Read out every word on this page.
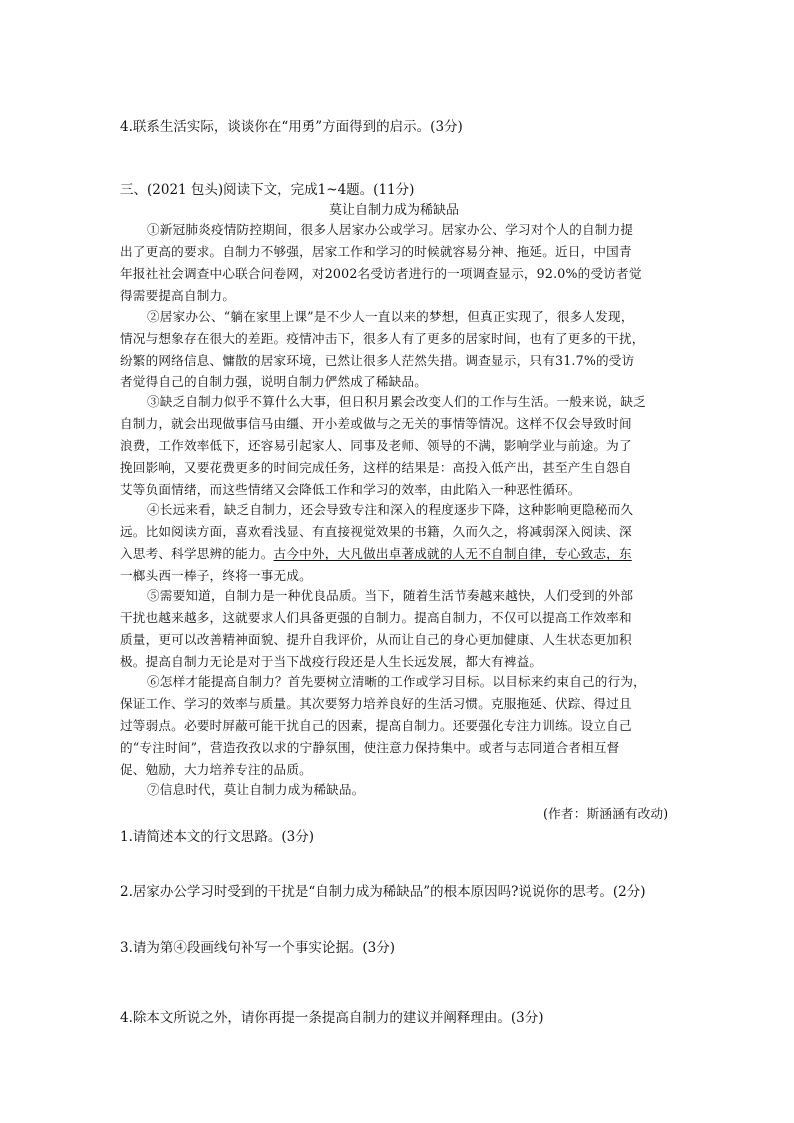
4.联系生活实际，谈谈你在“用勇”方面得到的启示。(3分)
三、(2021 包头)阅读下文，完成1~4题。(11分)
莫让自制力成为稀缺品
①新冠肺炎疫情防控期间，很多人居家办公或学习。居家办公、学习对个人的自制力提
出了更高的要求。自制力不够强，居家工作和学习的时候就容易分神、拖延。近日，中国青
年报社社会调查中心联合问卷网，对2002名受访者进行的一项调查显示，92.0%的受访者觉
得需要提高自制力。
②居家办公、“躺在家里上课”是不少人一直以来的梦想，但真正实现了，很多人发现，
情况与想象存在很大的差距。疫情冲击下，很多人有了更多的居家时间，也有了更多的干扰，
纷繁的网络信息、慵散的居家环境，已然让很多人茫然失措。调查显示，只有31.7%的受访
者觉得自己的自制力强，说明自制力俨然成了稀缺品。
③缺乏自制力似乎不算什么大事，但日积月累会改变人们的工作与生活。一般来说，缺乏
自制力，就会出现做事信马由缰、开小差或做与之无关的事情等情况。这样不仅会导致时间
浪费，工作效率低下，还容易引起家人、同事及老师、领导的不满，影响学业与前途。为了
挽回影响，又要花费更多的时间完成任务，这样的结果是：高投入低产出，甚至产生自怨自
艾等负面情绪，而这些情绪又会降低工作和学习的效率，由此陷入一种恶性循环。
④长远来看，缺乏自制力，还会导致专注和深入的程度逐步下降，这种影响更隐秘而久
远。比如阅读方面，喜欢看浅显、有直接视觉效果的书籍，久而久之，将减弱深入阅读、深
入思考、科学思辨的能力。古今中外，大凡做出卓著成就的人无不自制自律，专心致志，东
一榔头西一棒子，终将一事无成。
⑤需要知道，自制力是一种优良品质。当下，随着生活节奏越来越快，人们受到的外部
干扰也越来越多，这就要求人们具备更强的自制力。提高自制力，不仅可以提高工作效率和
质量，更可以改善精神面貌、提升自我评价，从而让自己的身心更加健康、人生状态更加积
极。提高自制力无论是对于当下战疫行段还是人生长远发展，都大有裨益。
⑥怎样才能提高自制力？首先要树立清晰的工作或学习目标。以目标来约束自己的行为，
保证工作、学习的效率与质量。其次要努力培养良好的生活习惯。克服拖延、伏踪、得过且
过等弱点。必要时屏蔽可能干扰自己的因素，提高自制力。还要强化专注力训练。设立自己
的“专注时间”，营造孜孜以求的宁静氛围，使注意力保持集中。或者与志同道合者相互督
促、勉励，大力培养专注的品质。
⑦信息时代，莫让自制力成为稀缺品。
(作者：斯涵涵有改动)
1.请简述本文的行文思路。(3分)
2.居家办公学习时受到的干扰是“自制力成为稀缺品”的根本原因吗?说说你的思考。(2分)
3.请为第④段画线句补写一个事实论据。(3分)
4.除本文所说之外，请你再提一条提高自制力的建议并阐释理由。(3分)
